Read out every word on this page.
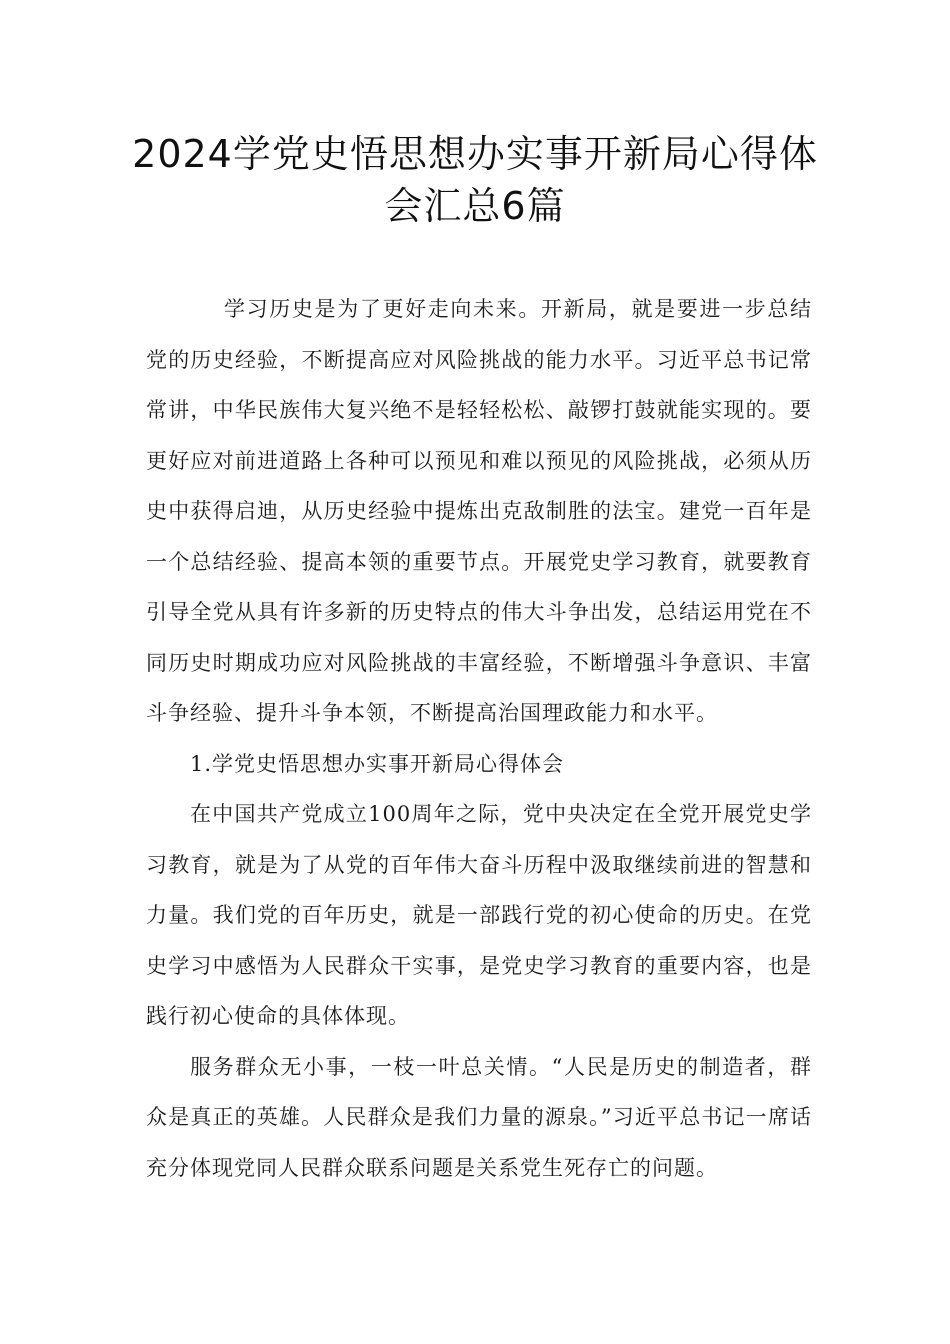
2024学党史悟思想办实事开新局心得体
会汇总6篇

学习历史是为了更好走向未来。开新局，就是要进一步总结党的历史经验，不断提高应对风险挑战的能力水平。习近平总书记常常讲，中华民族伟大复兴绝不是轻轻松松、敲锣打鼓就能实现的。要更好应对前进道路上各种可以预见和难以预见的风险挑战，必须从历史中获得启迪，从历史经验中提炼出克敌制胜的法宝。建党一百年是一个总结经验、提高本领的重要节点。开展党史学习教育，就要教育引导全党从具有许多新的历史特点的伟大斗争出发，总结运用党在不同历史时期成功应对风险挑战的丰富经验，不断增强斗争意识、丰富斗争经验、提升斗争本领，不断提高治国理政能力和水平。

1.学党史悟思想办实事开新局心得体会

在中国共产党成立100周年之际，党中央决定在全党开展党史学习教育，就是为了从党的百年伟大奋斗历程中汲取继续前进的智慧和力量。我们党的百年历史，就是一部践行党的初心使命的历史。在党史学习中感悟为人民群众干实事，是党史学习教育的重要内容，也是践行初心使命的具体体现。

服务群众无小事，一枝一叶总关情。“人民是历史的制造者，群众是真正的英雄。人民群众是我们力量的源泉。”习近平总书记一席话充分体现党同人民群众联系问题是关系党生死存亡的问题。
